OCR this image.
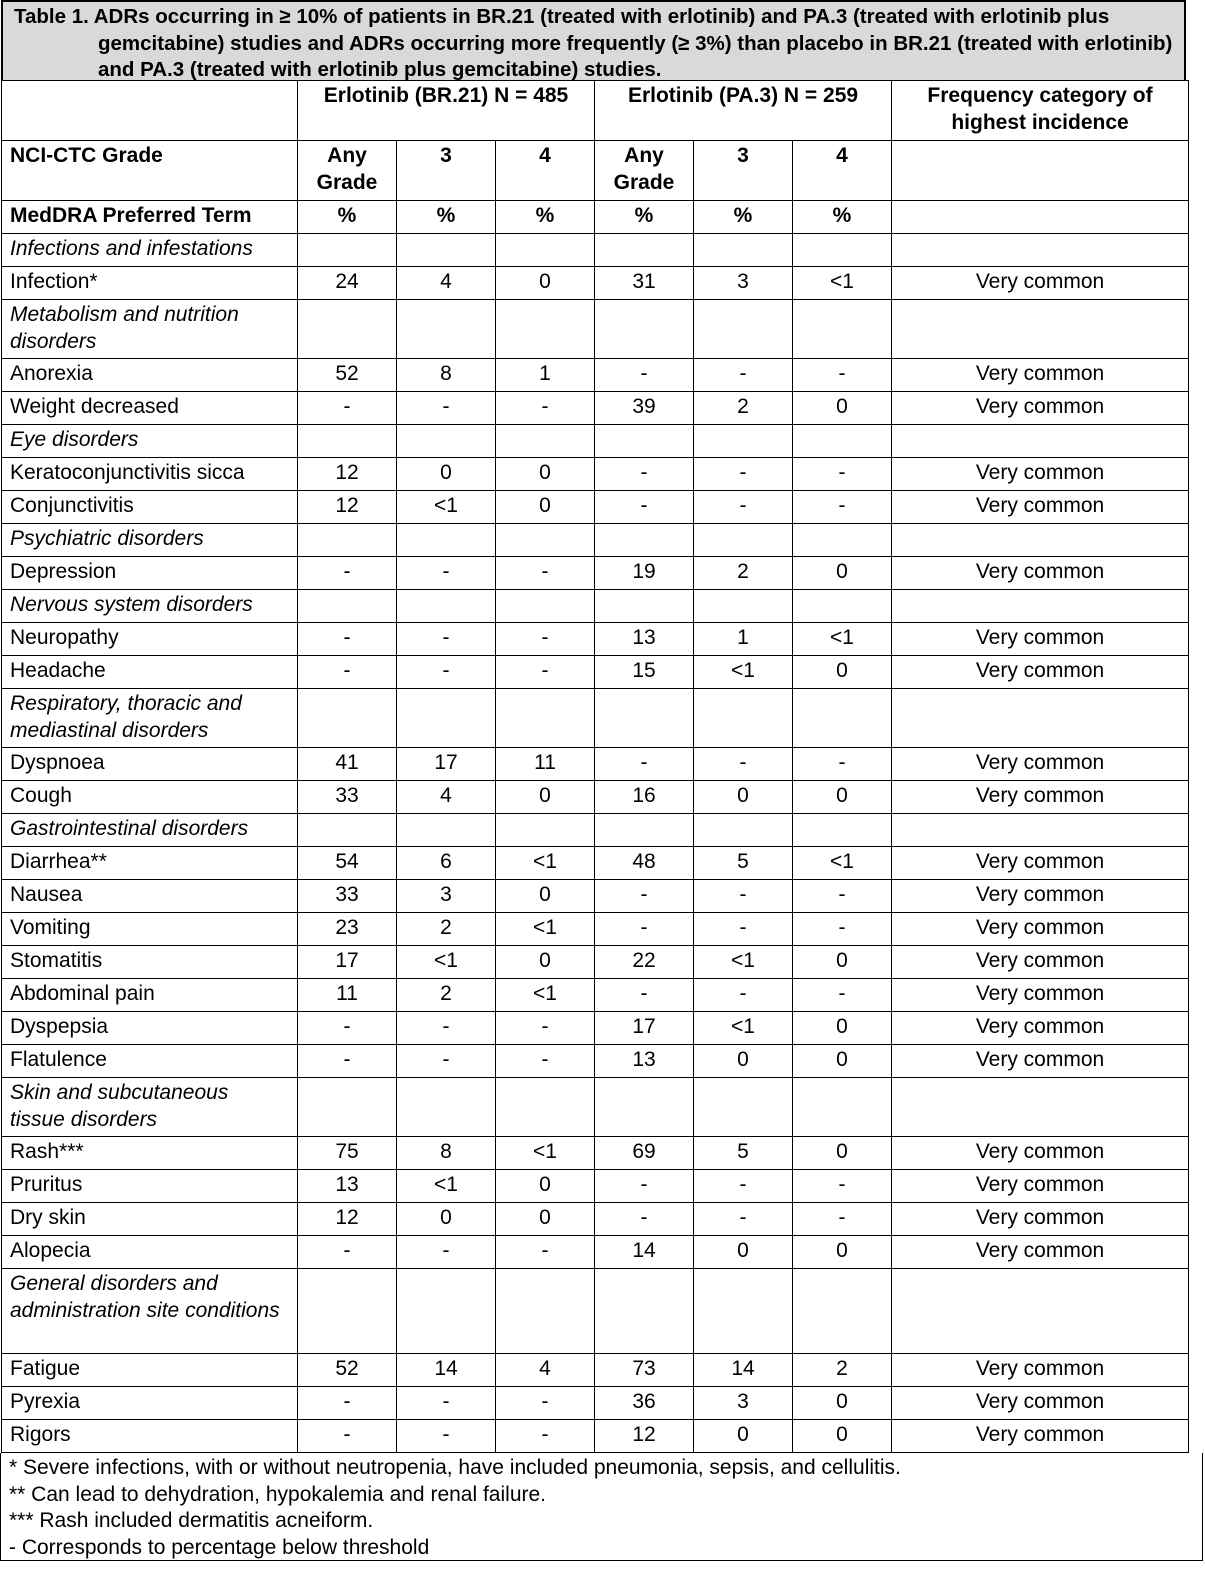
Table 1. ADRs occurring in ≥ 10% of patients in BR.21 (treated with erlotinib) and PA.3 (treated with erlotinib plus gemcitabine) studies and ADRs occurring more frequently (≥ 3%) than placebo in BR.21 (treated with erlotinib) and PA.3 (treated with erlotinib plus gemcitabine) studies.
	Erlotinib (BR.21) N = 485			Erlotinib (PA.3) N = 259			Frequency category of highest incidence
NCI-CTC Grade	Any Grade	3	4	Any Grade	3	4	
MedDRA Preferred Term	%	%	%	%	%	%	
Infections and infestations							
Infection*	24	4	0	31	3	<1	Very common
Metabolism and nutrition disorders							
Anorexia	52	8	1	-	-	-	Very common
Weight decreased	-	-	-	39	2	0	Very common
Eye disorders							
Keratoconjunctivitis sicca	12	0	0	-	-	-	Very common
Conjunctivitis	12	<1	0	-	-	-	Very common
Psychiatric disorders							
Depression	-	-	-	19	2	0	Very common
Nervous system disorders							
Neuropathy	-	-	-	13	1	<1	Very common
Headache	-	-	-	15	<1	0	Very common
Respiratory, thoracic and mediastinal disorders							
Dyspnoea	41	17	11	-	-	-	Very common
Cough	33	4	0	16	0	0	Very common
Gastrointestinal disorders							
Diarrhea**	54	6	<1	48	5	<1	Very common
Nausea	33	3	0	-	-	-	Very common
Vomiting	23	2	<1	-	-	-	Very common
Stomatitis	17	<1	0	22	<1	0	Very common
Abdominal pain	11	2	<1	-	-	-	Very common
Dyspepsia	-	-	-	17	<1	0	Very common
Flatulence	-	-	-	13	0	0	Very common
Skin and subcutaneous tissue disorders							
Rash***	75	8	<1	69	5	0	Very common
Pruritus	13	<1	0	-	-	-	Very common
Dry skin	12	0	0	-	-	-	Very common
Alopecia	-	-	-	14	0	0	Very common
General disorders and administration site conditions							
Fatigue	52	14	4	73	14	2	Very common
Pyrexia	-	-	-	36	3	0	Very common
Rigors	-	-	-	12	0	0	Very common
* Severe infections, with or without neutropenia, have included pneumonia, sepsis, and cellulitis.
** Can lead to dehydration, hypokalemia and renal failure.
*** Rash included dermatitis acneiform.
- Corresponds to percentage below threshold
